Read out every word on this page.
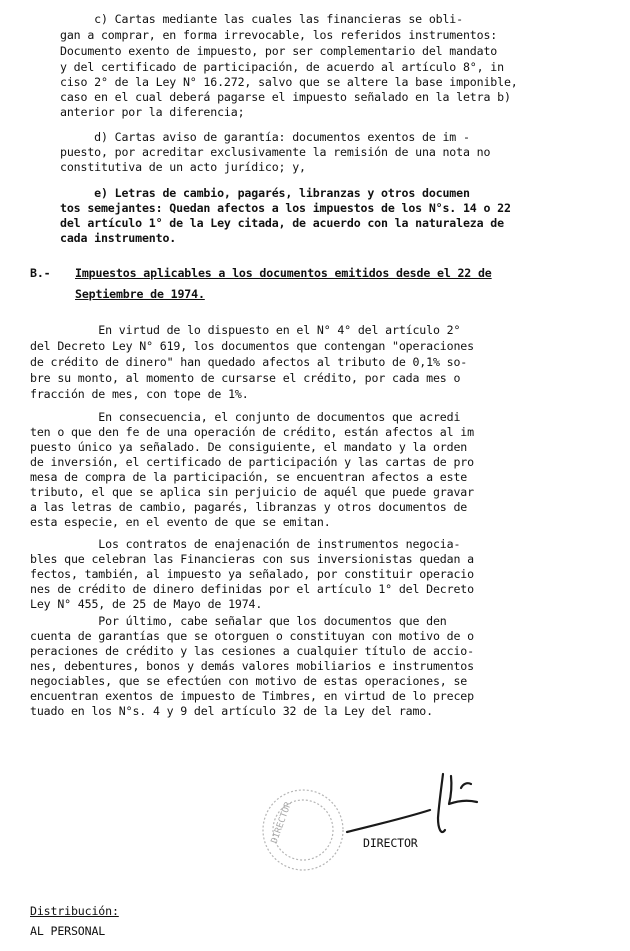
c) Cartas mediante las cuales las financieras se obli-
gan a comprar, en forma irrevocable, los referidos instrumentos:
Documento exento de impuesto, por ser complementario del mandato
y del certificado de participación, de acuerdo al artículo 8°, in
ciso 2° de la Ley N° 16.272, salvo que se altere la base imponible,
caso en el cual deberá pagarse el impuesto señalado en la letra b)
anterior por la diferencia;
d) Cartas aviso de garantía: documentos exentos de im -
puesto, por acreditar exclusivamente la remisión de una nota no
constitutiva de un acto jurídico; y,
e) Letras de cambio, pagarés, libranzas y otros documen
tos semejantes: Quedan afectos a los impuestos de los N°s. 14 o 22
del artículo 1° de la Ley citada, de acuerdo con la naturaleza de
cada instrumento.
B.- Impuestos aplicables a los documentos emitidos desde el 22 de
Septiembre de 1974.
En virtud de lo dispuesto en el N° 4° del artículo 2°
del Decreto Ley N° 619, los documentos que contengan "operaciones
de crédito de dinero" han quedado afectos al tributo de 0,1% so-
bre su monto, al momento de cursarse el crédito, por cada mes o
fracción de mes, con tope de 1%.
En consecuencia, el conjunto de documentos que acredi
ten o que den fe de una operación de crédito, están afectos al im
puesto único ya señalado. De consiguiente, el mandato y la orden
de inversión, el certificado de participación y las cartas de pro
mesa de compra de la participación, se encuentran afectos a este
tributo, el que se aplica sin perjuicio de aquél que puede gravar
a las letras de cambio, pagarés, libranzas y otros documentos de
esta especie, en el evento de que se emitan.
Los contratos de enajenación de instrumentos negocia-
bles que celebran las Financieras con sus inversionistas quedan a
fectos, también, al impuesto ya señalado, por constituir operacio
nes de crédito de dinero definidas por el artículo 1° del Decreto
Ley N° 455, de 25 de Mayo de 1974.
Por último, cabe señalar que los documentos que den
cuenta de garantías que se otorguen o constituyan con motivo de o
peraciones de crédito y las cesiones a cualquier título de accio-
nes, debentures, bonos y demás valores mobiliarios e instrumentos
negociables, que se efectúen con motivo de estas operaciones, se
encuentran exentos de impuesto de Timbres, en virtud de lo precep
tuado en los N°s. 4 y 9 del artículo 32 de la Ley del ramo.
DIRECTOR	DIRECTOR
Distribución:
AL PERSONAL
